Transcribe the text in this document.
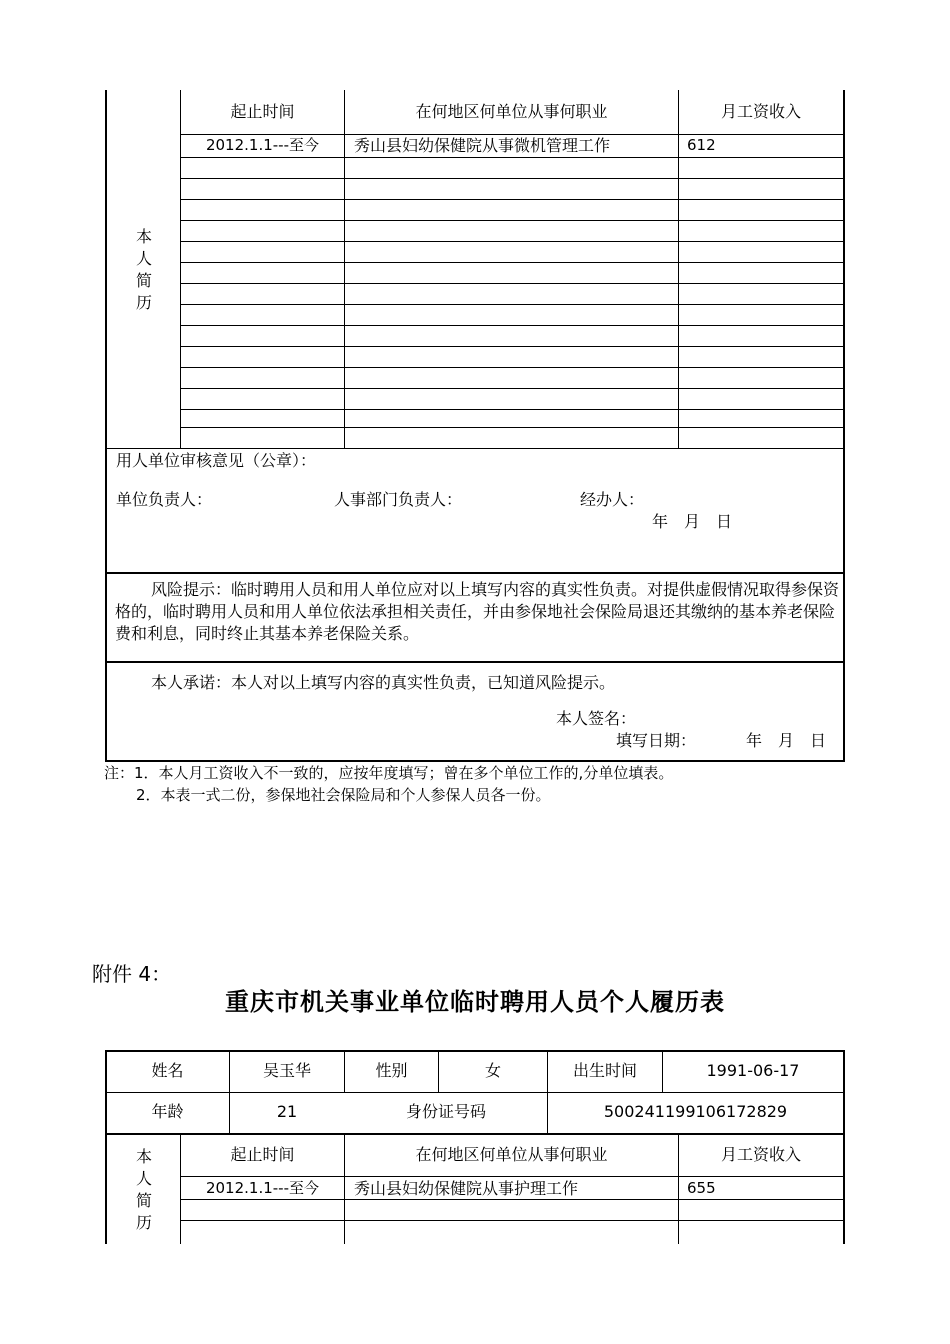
起止时间	在何地区何单位从事何职业	月工资收入
2012.1.1---至今	秀山县妇幼保健院从事微机管理工作	612
本人简历
用人单位审核意见（公章）：
单位负责人：	人事部门负责人：	经办人：
年　月　日
风险提示：临时聘用人员和用人单位应对以上填写内容的真实性负责。对提供虚假情况取得参保资格的，临时聘用人员和用人单位依法承担相关责任，并由参保地社会保险局退还其缴纳的基本养老保险费和利息，同时终止其基本养老保险关系。
本人承诺：本人对以上填写内容的真实性负责，已知道风险提示。
本人签名：
填写日期：	年　月　日
注：1．本人月工资收入不一致的，应按年度填写；曾在多个单位工作的,分单位填表。
2．本表一式二份，参保地社会保险局和个人参保人员各一份。
附件 4：
重庆市机关事业单位临时聘用人员个人履历表
姓名	吴玉华	性别	女	出生时间	1991-06-17
年龄	21	身份证号码	500241199106172829
起止时间	在何地区何单位从事何职业	月工资收入
2012.1.1---至今	秀山县妇幼保健院从事护理工作	655
本人简历
